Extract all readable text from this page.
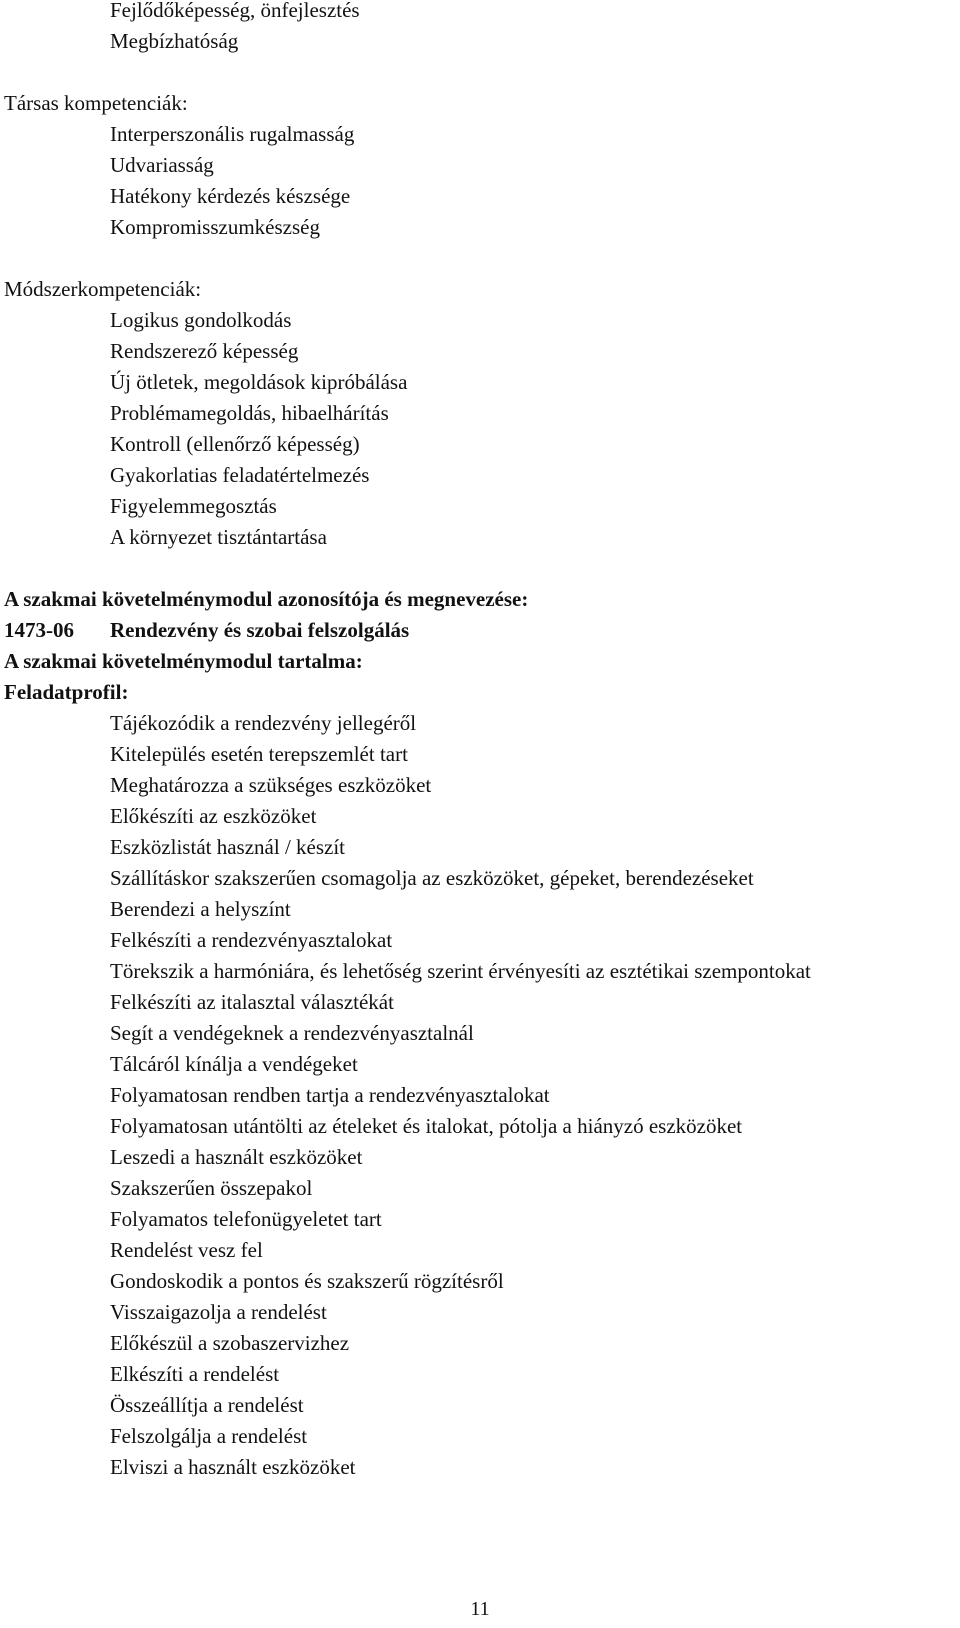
Fejlődőképesség, önfejlesztés
Megbízhatóság
Társas kompetenciák:
Interperszonális rugalmasság
Udvariasság
Hatékony kérdezés készsége
Kompromisszumkészség
Módszerkompetenciák:
Logikus gondolkodás
Rendszerező képesség
Új ötletek, megoldások kipróbálása
Problémamegoldás, hibaelhárítás
Kontroll (ellenőrző képesség)
Gyakorlatias feladatértelmezés
Figyelemmegosztás
A környezet tisztántartása
A szakmai követelménymodul azonosítója és megnevezése:
1473-06 Rendezvény és szobai felszolgálás
A szakmai követelménymodul tartalma:
Feladatprofil:
Tájékozódik a rendezvény jellegéről
Kitelepülés esetén terepszemlét tart
Meghatározza a szükséges eszközöket
Előkészíti az eszközöket
Eszközlistát használ / készít
Szállításkor szakszerűen csomagolja az eszközöket, gépeket, berendezéseket
Berendezi a helyszínt
Felkészíti a rendezvényasztalokat
Törekszik a harmóniára, és lehetőség szerint érvényesíti az esztétikai szempontokat
Felkészíti az italasztal választékát
Segít a vendégeknek a rendezvényasztalnál
Tálcáról kínálja a vendégeket
Folyamatosan rendben tartja a rendezvényasztalokat
Folyamatosan utántölti az ételeket és italokat, pótolja a hiányzó eszközöket
Leszedi a használt eszközöket
Szakszerűen összepakol
Folyamatos telefonügyeletet tart
Rendelést vesz fel
Gondoskodik a pontos és szakszerű rögzítésről
Visszaigazolja a rendelést
Előkészül a szobaszervizhez
Elkészíti a rendelést
Összeállítja a rendelést
Felszolgálja a rendelést
Elviszi a használt eszközöket
11
